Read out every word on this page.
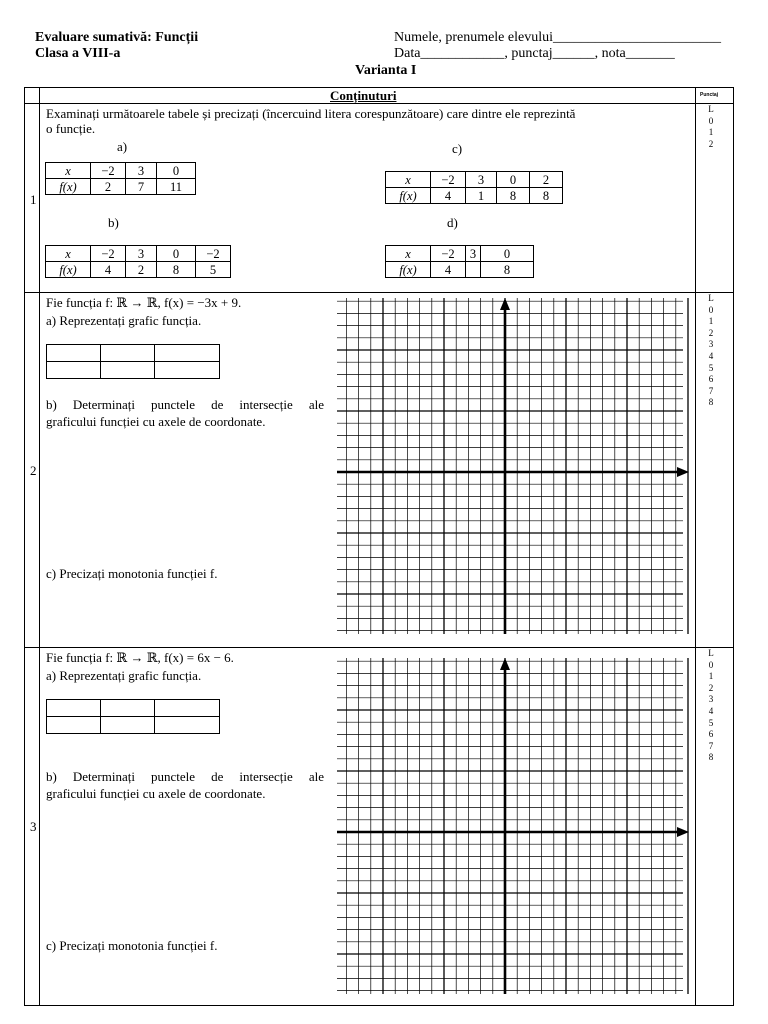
Evaluare sumativă: Funcții
Clasa a VIII-a
Numele, prenumele elevului________________________
Data____________, punctaj______, nota_______
Varianta I
Conținuturi	Punctaj
1
Examinați următoarele tabele și precizați (încercuind litera corespunzătoare) care dintre ele reprezintă
o funcție.
a)	c)
b)	d)
x	−2	3	0
f(x)	2	7	11
x	−2	3	0	−2
f(x)	4	2	8	5
x	−2	3	0	2
f(x)	4	1	8	8
x	−2	3	0
f(x)	4		8
L
0
1
2
2
Fie funcția f: ℝ → ℝ, f(x) = −3x + 9.
a) Reprezentați grafic funcția.

b) Determinați punctele de intersecție ale
graficului funcției cu axele de coordonate.
c) Precizați monotonia funcției f.
L
0
1
2
3
4
5
6
7
8
3
Fie funcția f: ℝ → ℝ, f(x) = 6x − 6.
a) Reprezentați grafic funcția.

b) Determinați punctele de intersecție ale
graficului funcției cu axele de coordonate.
c) Precizați monotonia funcției f.
L
0
1
2
3
4
5
6
7
8
